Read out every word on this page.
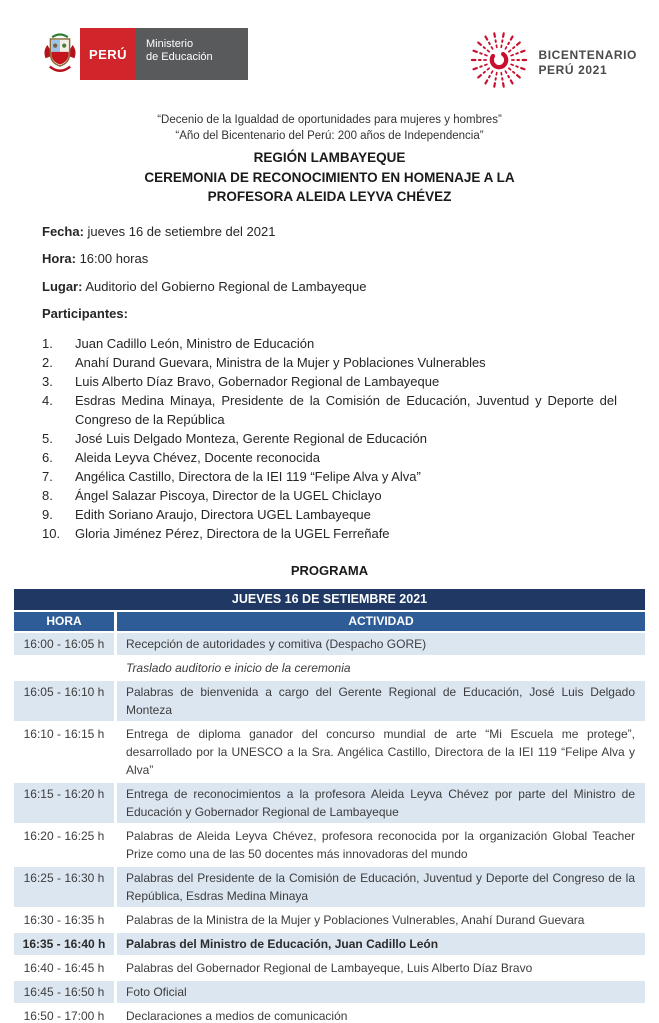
PERÚ
Ministerio
de Educación	BICENTENARIO
PERÚ 2021
“Decenio de la Igualdad de oportunidades para mujeres y hombres”
“Año del Bicentenario del Perú: 200 años de Independencia”
REGIÓN LAMBAYEQUE
CEREMONIA DE RECONOCIMIENTO EN HOMENAJE A LA
PROFESORA ALEIDA LEYVA CHÉVEZ
Fecha: jueves 16 de setiembre del 2021
Hora: 16:00 horas
Lugar: Auditorio del Gobierno Regional de Lambayeque
Participantes:
1.	Juan Cadillo León, Ministro de Educación
2.	Anahí Durand Guevara, Ministra de la Mujer y Poblaciones Vulnerables
3.	Luis Alberto Díaz Bravo, Gobernador Regional de Lambayeque
4.	Esdras Medina Minaya, Presidente de la Comisión de Educación, Juventud y Deporte del Congreso de la República
5.	José Luis Delgado Monteza, Gerente Regional de Educación
6.	Aleida Leyva Chévez, Docente reconocida
7.	Angélica Castillo, Directora de la IEI 119 “Felipe Alva y Alva”
8.	Ángel Salazar Piscoya, Director de la UGEL Chiclayo
9.	Edith Soriano Araujo, Directora UGEL Lambayeque
10.	Gloria Jiménez Pérez, Directora de la UGEL Ferreñafe
PROGRAMA
JUEVES 16 DE SETIEMBRE 2021
HORA	ACTIVIDAD
16:00 - 16:05 h	Recepción de autoridades y comitiva (Despacho GORE)
Traslado auditorio e inicio de la ceremonia
16:05 - 16:10 h	Palabras de bienvenida a cargo del Gerente Regional de Educación, José Luis Delgado Monteza
16:10 - 16:15 h	Entrega de diploma ganador del concurso mundial de arte “Mi Escuela me protege”, desarrollado por la UNESCO a la Sra. Angélica Castillo, Directora de la IEI 119 “Felipe Alva y Alva”
16:15 - 16:20 h	Entrega de reconocimientos a la profesora Aleida Leyva Chévez por parte del Ministro de Educación y Gobernador Regional de Lambayeque
16:20 - 16:25 h	Palabras de Aleida Leyva Chévez, profesora reconocida por la organización Global Teacher Prize como una de las 50 docentes más innovadoras del mundo
16:25 - 16:30 h	Palabras del Presidente de la Comisión de Educación, Juventud y Deporte del Congreso de la República, Esdras Medina Minaya
16:30 - 16:35 h	Palabras de la Ministra de la Mujer y Poblaciones Vulnerables, Anahí Durand Guevara
16:35 - 16:40 h	Palabras del Ministro de Educación, Juan Cadillo León
16:40 - 16:45 h	Palabras del Gobernador Regional de Lambayeque, Luis Alberto Díaz Bravo
16:45 - 16:50 h	Foto Oficial
16:50 - 17:00 h	Declaraciones a medios de comunicación
